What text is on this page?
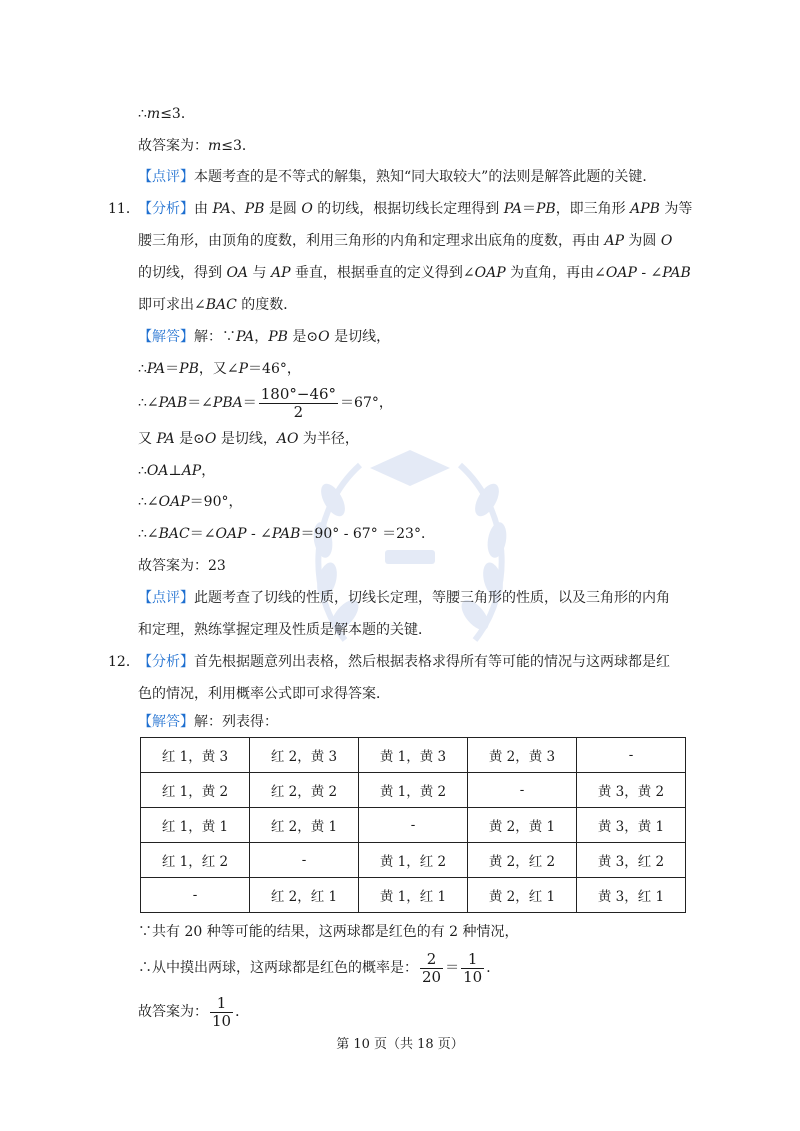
∴m≤3．
故答案为：m≤3．
【点评】本题考查的是不等式的解集，熟知“同大取较大”的法则是解答此题的关键．
11．
【分析】由 PA、PB 是圆 O 的切线，根据切线长定理得到 PA＝PB，即三角形 APB 为等
腰三角形，由顶角的度数，利用三角形的内角和定理求出底角的度数，再由 AP 为圆 O
的切线，得到 OA 与 AP 垂直，根据垂直的定义得到∠OAP 为直角，再由∠OAP - ∠PAB
即可求出∠BAC 的度数．
【解答】解：∵PA，PB 是⊙O 是切线，
∴PA＝PB，又∠P＝46°，
∴∠PAB＝∠PBA＝ $\frac{180^\circ-46^\circ}{2} =67^\circ$，
又 PA 是⊙O 是切线，AO 为半径，
∴OA⊥AP，
∴∠OAP＝90°，
∴∠BAC＝∠OAP - ∠PAB＝90° - 67° ＝23°．
故答案为：23
【点评】此题考查了切线的性质，切线长定理，等腰三角形的性质，以及三角形的内角
和定理，熟练掌握定理及性质是解本题的关键．
12．
【分析】首先根据题意列出表格，然后根据表格求得所有等可能的情况与这两球都是红
色的情况，利用概率公式即可求得答案．
【解答】解：列表得：
红 1，黄 3	红 2，黄 3	黄 1，黄 3	黄 2，黄 3	-
红 1，黄 2	红 2，黄 2	黄 1，黄 2	-	黄 3，黄 2
红 1，黄 1	红 2，黄 1	-	黄 2，黄 1	黄 3，黄 1
红 1，红 2	-	黄 1，红 2	黄 2，红 2	黄 3，红 2
-	红 2，红 1	黄 1，红 1	黄 2，红 1	黄 3，红 1
∵共有 20 种等可能的结果，这两球都是红色的有 2 种情况，
∴从中摸出两球，这两球都是红色的概率是： $\frac{2}{20} = \frac{1}{10}$ ．
故答案为： $\frac{1}{10}$ ．
第 10 页（共 18 页）
